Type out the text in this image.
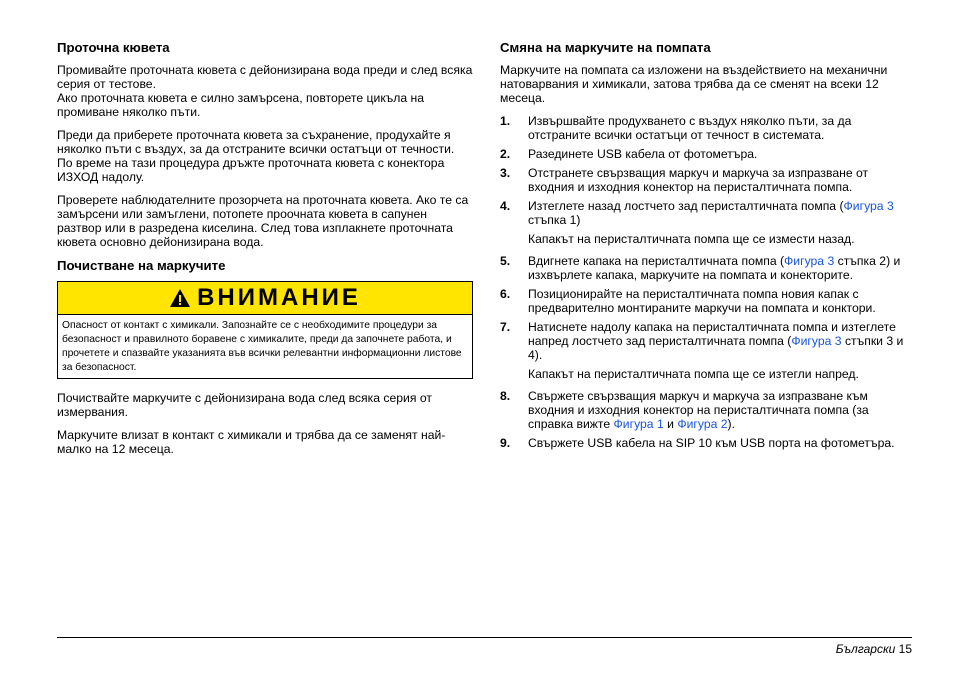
Проточна кювета

Промивайте проточната кювета с дейонизирана вода преди и след всяка серия от тестове.
Ако проточната кювета е силно замърсена, повторете цикъла на промиване няколко пъти.

Преди да приберете проточната кювета за съхранение, продухайте я няколко пъти с въздух, за да отстраните всички остатъци от течности. По време на тази процедура дръжте проточната кювета с конектора ИЗХОД надолу.

Проверете наблюдателните прозорчета на проточната кювета. Ако те са замърсени или замъглени, потопете проочната кювета в сапунен разтвор или в разредена киселина. След това изплакнете проточната кювета основно дейонизирана вода.

Почистване на маркучите
ВНИМАНИЕ
Опасност от контакт с химикали. Запознайте се с необходимите процедури за безопасност и правилното боравене с химикалите, преди да започнете работа, и прочетете и спазвайте указанията във всички релевантни информационни листове за безопасност.

Почиствайте маркучите с дейонизирана вода след всяка серия от измервания.

Маркучите влизат в контакт с химикали и трябва да се заменят най-малко на 12 месеца.

Смяна на маркучите на помпата

Маркучите на помпата са изложени на въздействието на механични натоварвания и химикали, затова трябва да се сменят на всеки 12 месеца.

1. Извършвайте продухването с въздух няколко пъти, за да отстраните всички остатъци от течност в системата.
2. Разединете USB кабела от фотометъра.
3. Отстранете свързващия маркуч и маркуча за изпразване от входния и изходния конектор на перисталтичната помпа.
4. Изтеглете назад лостчето зад перисталтичната помпа (Фигура 3 стъпка 1)
Капакът на перисталтичната помпа ще се измести назад.
5. Вдигнете капака на перисталтичната помпа (Фигура 3 стъпка 2) и изхвърлете капака, маркучите на помпата и конекторите.
6. Позиционирайте на перисталтичната помпа новия капак с предварително монтираните маркучи на помпата и конктори.
7. Натиснете надолу капака на перисталтичната помпа и изтеглете напред лостчето зад перисталтичната помпа (Фигура 3 стъпки 3 и 4).
Капакът на перисталтичната помпа ще се изтегли напред.
8. Свържете свързващия маркуч и маркуча за изпразване към входния и изходния конектор на перисталтичната помпа (за справка вижте Фигура 1 и Фигура 2).
9. Свържете USB кабела на SIP 10 към USB порта на фотометъра.
Български 15
